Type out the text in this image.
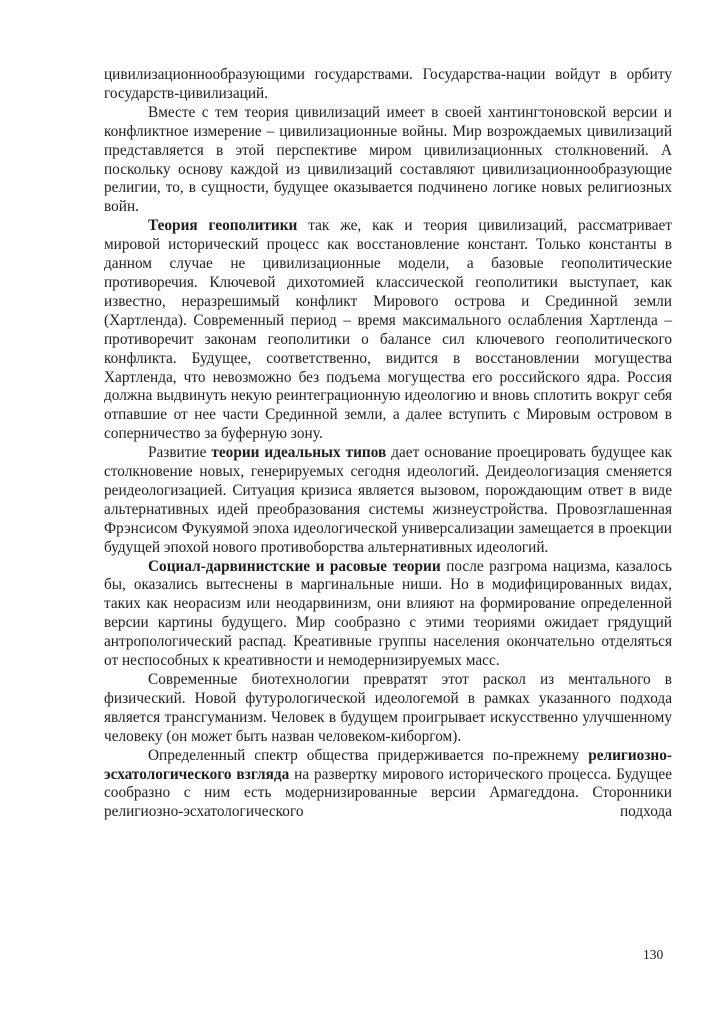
цивилизационнообразующими государствами. Государства-нации войдут в орбиту государств-цивилизаций.

Вместе с тем теория цивилизаций имеет в своей хантингтоновской версии и конфликтное измерение – цивилизационные войны. Мир возрождаемых цивилизаций представляется в этой перспективе миром цивилизационных столкновений. А поскольку основу каждой из цивилизаций составляют цивилизационнообразующие религии, то, в сущности, будущее оказывается подчинено логике новых религиозных войн.

Теория геополитики так же, как и теория цивилизаций, рассматривает мировой исторический процесс как восстановление констант. Только константы в данном случае не цивилизационные модели, а базовые геополитические противоречия. Ключевой дихотомией классической геополитики выступает, как известно, неразрешимый конфликт Мирового острова и Срединной земли (Хартленда). Современный период – время максимального ослабления Хартленда – противоречит законам геополитики о балансе сил ключевого геополитического конфликта. Будущее, соответственно, видится в восстановлении могущества Хартленда, что невозможно без подъема могущества его российского ядра. Россия должна выдвинуть некую реинтеграционную идеологию и вновь сплотить вокруг себя отпавшие от нее части Срединной земли, а далее вступить с Мировым островом в соперничество за буферную зону.

Развитие теории идеальных типов дает основание проецировать будущее как столкновение новых, генерируемых сегодня идеологий. Деидеологизация сменяется реидеологизацией. Ситуация кризиса является вызовом, порождающим ответ в виде альтернативных идей преобразования системы жизнеустройства. Провозглашенная Фрэнсисом Фукуямой эпоха идеологической универсализации замещается в проекции будущей эпохой нового противоборства альтернативных идеологий.

Социал-дарвинистские и расовые теории после разгрома нацизма, казалось бы, оказались вытеснены в маргинальные ниши. Но в модифицированных видах, таких как неорасизм или неодарвинизм, они влияют на формирование определенной версии картины будущего. Мир сообразно с этими теориями ожидает грядущий антропологический распад. Креативные группы населения окончательно отделяться от неспособных к креативности и немодернизируемых масс.

Современные биотехнологии превратят этот раскол из ментального в физический. Новой футурологической идеологемой в рамках указанного подхода является трансгуманизм. Человек в будущем проигрывает искусственно улучшенному человеку (он может быть назван человеком-киборгом).

Определенный спектр общества придерживается по-прежнему религиозно-эсхатологического взгляда на развертку мирового исторического процесса. Будущее сообразно с ним есть модернизированные версии Армагеддона. Сторонники религиозно-эсхатологического подхода

130
